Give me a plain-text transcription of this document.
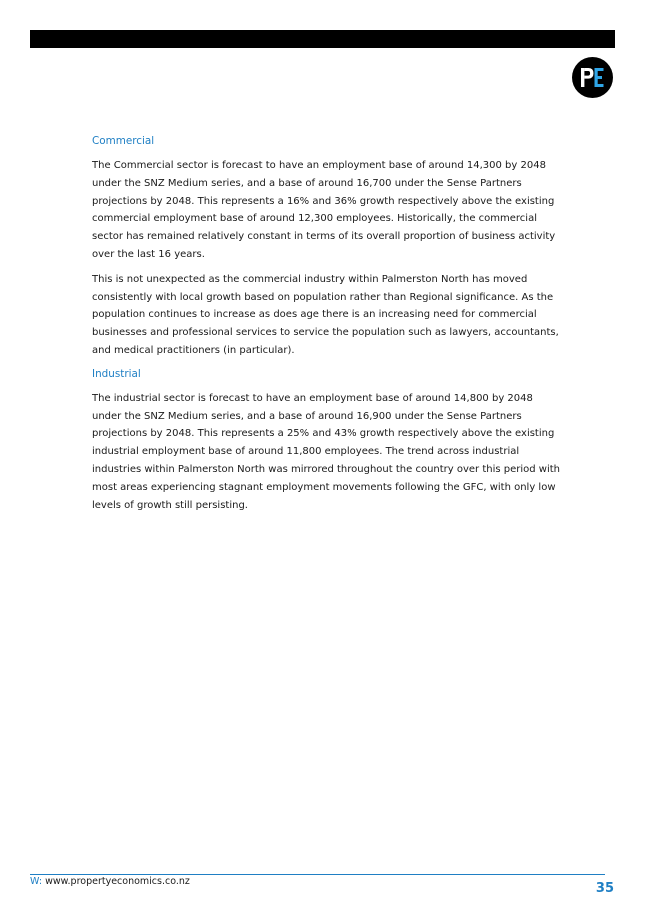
Commercial

The Commercial sector is forecast to have an employment base of around 14,300 by 2048 under the SNZ Medium series, and a base of around 16,700 under the Sense Partners projections by 2048. This represents a 16% and 36% growth respectively above the existing commercial employment base of around 12,300 employees. Historically, the commercial sector has remained relatively constant in terms of its overall proportion of business activity over the last 16 years.

This is not unexpected as the commercial industry within Palmerston North has moved consistently with local growth based on population rather than Regional significance. As the population continues to increase as does age there is an increasing need for commercial businesses and professional services to service the population such as lawyers, accountants, and medical practitioners (in particular).

Industrial

The industrial sector is forecast to have an employment base of around 14,800 by 2048 under the SNZ Medium series, and a base of around 16,900 under the Sense Partners projections by 2048. This represents a 25% and 43% growth respectively above the existing industrial employment base of around 11,800 employees. The trend across industrial industries within Palmerston North was mirrored throughout the country over this period with most areas experiencing stagnant employment movements following the GFC, with only low levels of growth still persisting.

W: www.propertyeconomics.co.nz	35
